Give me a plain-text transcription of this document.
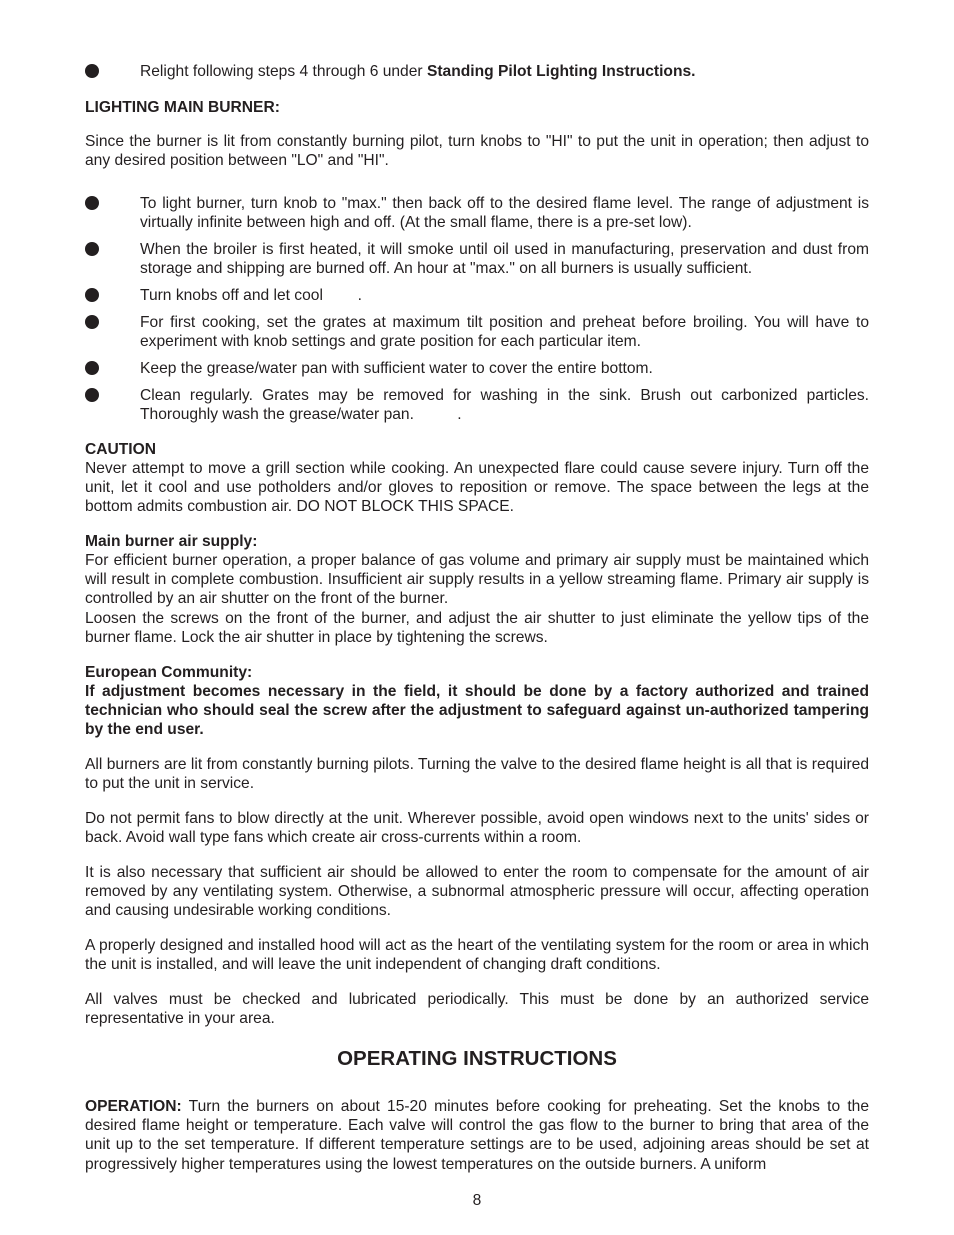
Relight following steps 4 through 6 under Standing Pilot Lighting Instructions.

LIGHTING MAIN BURNER:
Since the burner is lit from constantly burning pilot, turn knobs to "HI" to put the unit in operation; then adjust to any desired position between "LO" and "HI".

To light burner, turn knob to "max." then back off to the desired flame level. The range of adjustment is virtually infinite between high and off. (At the small flame, there is a pre-set low).

When the broiler is first heated, it will smoke until oil used in manufacturing, preservation and dust from storage and shipping are burned off. An hour at "max." on all burners is usually sufficient.

Turn knobs off and let cool        .

For first cooking, set the grates at maximum tilt position and preheat before broiling. You will have to experiment with knob settings and grate position for each particular item.

Keep the grease/water pan with sufficient water to cover the entire bottom.

Clean regularly. Grates may be removed for washing in the sink. Brush out carbonized particles. Thoroughly wash the grease/water pan.          .

CAUTION
Never attempt to move a grill section while cooking. An unexpected flare could cause severe injury. Turn off the unit, let it cool and use potholders and/or gloves to reposition or remove. The space between the legs at the bottom admits combustion air. DO NOT BLOCK THIS SPACE.
Main burner air supply:
For efficient burner operation, a proper balance of gas volume and primary air supply must be maintained which will result in complete combustion. Insufficient air supply results in a yellow streaming flame. Primary air supply is controlled by an air shutter on the front of the burner.
Loosen the screws on the front of the burner, and adjust the air shutter to just eliminate the yellow tips of the burner flame. Lock the air shutter in place by tightening the screws.
European Community:
If adjustment becomes necessary in the field, it should be done by a factory authorized and trained technician who should seal the screw after the adjustment to safeguard against un-authorized tampering by the end user.
All burners are lit from constantly burning pilots. Turning the valve to the desired flame height is all that is required to put the unit in service.
Do not permit fans to blow directly at the unit. Wherever possible, avoid open windows next to the units' sides or back. Avoid wall type fans which create air cross-currents within a room.
It is also necessary that sufficient air should be allowed to enter the room to compensate for the amount of air removed by any ventilating system. Otherwise, a subnormal atmospheric pressure will occur, affecting operation and causing undesirable working conditions.
A properly designed and installed hood will act as the heart of the ventilating system for the room or area in which the unit is installed, and will leave the unit independent of changing draft conditions.
All valves must be checked and lubricated periodically. This must be done by an authorized service representative in your area.
OPERATING INSTRUCTIONS
OPERATION: Turn the burners on about 15-20 minutes before cooking for preheating. Set the knobs to the desired flame height or temperature. Each valve will control the gas flow to the burner to bring that area of the unit up to the set temperature. If different temperature settings are to be used, adjoining areas should be set at progressively higher temperatures using the lowest temperatures on the outside burners. A uniform
8
